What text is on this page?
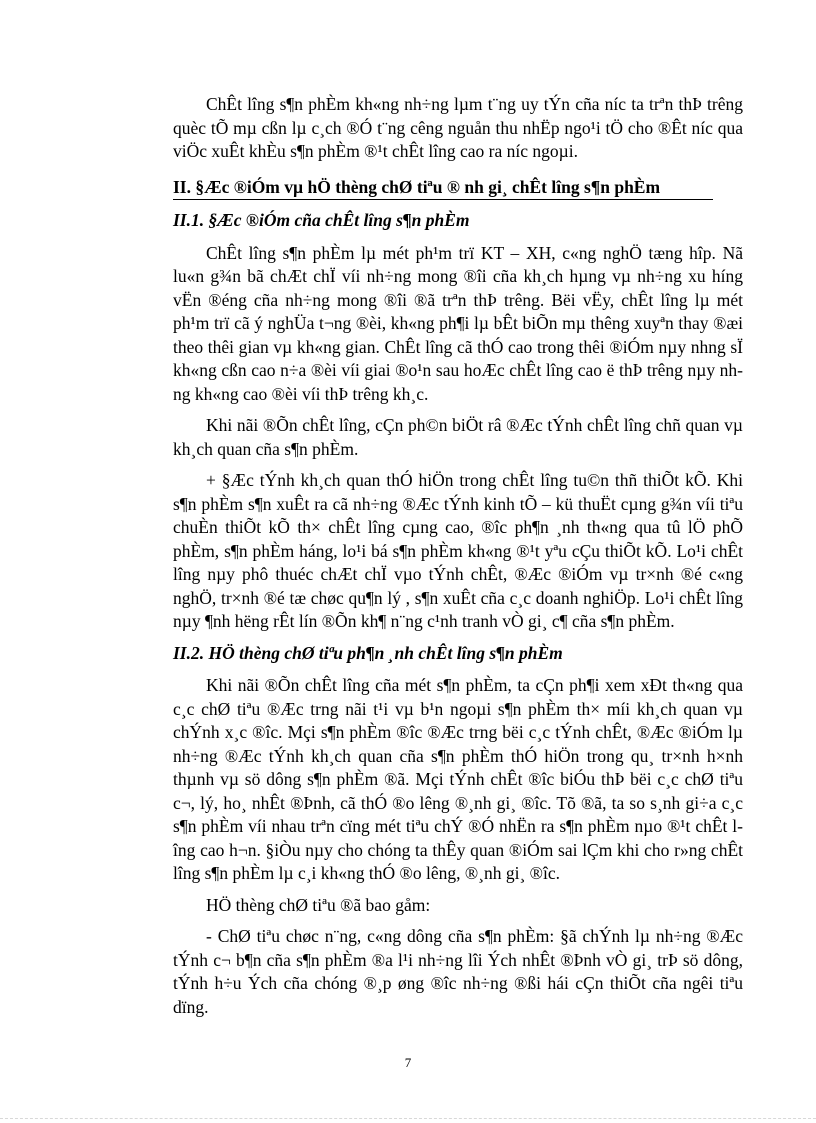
ChÊt lîng s¶n phÈm kh«ng nh÷ng lµm t¨ng uy tÝn cña níc ta trªn thÞ trêng quèc tÕ mµ cßn lµ c¸ch ®Ó t¨ng cêng nguån thu nhËp ngo¹i tÖ cho ®Êt níc qua viÖc xuÊt khÈu s¶n phÈm ®¹t chÊt lîng cao ra níc ngoµi.

II. §Æc ®iÓm vµ hÖ thèng chØ tiªu ® nh gi¸ chÊt lîng s¶n phÈm
II.1. §Æc ®iÓm cña chÊt lîng s¶n phÈm

ChÊt lîng s¶n phÈm lµ mét ph¹m trï KT – XH, c«ng nghÖ tæng hîp. Nã lu«n g¾n bã chÆt chÏ víi nh÷ng mong ®îi cña kh¸ch hµng vµ nh÷ng xu híng vËn ®éng cña nh÷ng mong ®îi ®ã trªn thÞ trêng. Bëi vËy, chÊt lîng lµ mét ph¹m trï cã ý nghÜa t¬ng ®èi, kh«ng ph¶i lµ bÊt biÕn mµ thêng xuyªn thay ®æi theo thêi gian vµ kh«ng gian. ChÊt lîng cã thÓ cao trong thêi ®iÓm nµy nhng sÏ kh«ng cßn cao n÷a ®èi víi giai ®o¹n sau hoÆc chÊt lîng cao ë thÞ trêng nµy nhng kh«ng cao ®èi víi thÞ trêng kh¸c.

Khi nãi ®Õn chÊt lîng, cÇn ph©n biÖt râ ®Æc tÝnh chÊt lîng chñ quan vµ kh¸ch quan cña s¶n phÈm.

+ §Æc tÝnh kh¸ch quan thÓ hiÖn trong chÊt lîng tu©n thñ thiÕt kÕ. Khi s¶n phÈm s¶n xuÊt ra cã nh÷ng ®Æc tÝnh kinh tÕ – kü thuËt cµng g¾n víi tiªu chuÈn thiÕt kÕ th× chÊt lîng cµng cao, ®îc ph¶n ¸nh th«ng qua tû lÖ phÕ phÈm, s¶n phÈm háng, lo¹i bá s¶n phÈm kh«ng ®¹t yªu cÇu thiÕt kÕ. Lo¹i chÊt lîng nµy phô thuéc chÆt chÏ vµo tÝnh chÊt, ®Æc ®iÓm vµ tr×nh ®é c«ng nghÖ, tr×nh ®é tæ chøc qu¶n lý , s¶n xuÊt cña c¸c doanh nghiÖp. Lo¹i chÊt lîng nµy ¶nh hëng rÊt lín ®Õn kh¶ n¨ng c¹nh tranh vÒ gi¸ c¶ cña s¶n phÈm.

II.2. HÖ thèng chØ tiªu ph¶n ¸nh chÊt lîng s¶n phÈm

Khi nãi ®Õn chÊt lîng cña mét s¶n phÈm, ta cÇn ph¶i xem xÐt th«ng qua c¸c chØ tiªu ®Æc trng nãi t¹i vµ b¹n ngoµi s¶n phÈm th× míi kh¸ch quan vµ chÝnh x¸c ®îc. Mçi s¶n phÈm ®îc ®Æc trng bëi c¸c tÝnh chÊt, ®Æc ®iÓm lµ nh÷ng ®Æc tÝnh kh¸ch quan cña s¶n phÈm thÓ hiÖn trong qu¸ tr×nh h×nh thµnh vµ sö dông s¶n phÈm ®ã. Mçi tÝnh chÊt ®îc biÓu thÞ bëi c¸c chØ tiªu c¬, lý, ho¸ nhÊt ®Þnh, cã thÓ ®o lêng ®¸nh gi¸ ®îc. Tõ ®ã, ta so s¸nh gi÷a c¸c s¶n phÈm víi nhau trªn cïng mét tiªu chÝ ®Ó nhËn ra s¶n phÈm nµo ®¹t chÊt lîng cao h¬n. §iÒu nµy cho chóng ta thÊy quan ®iÓm sai lÇm khi cho r»ng chÊt lîng s¶n phÈm lµ c¸i kh«ng thÓ ®o lêng, ®¸nh gi¸ ®îc.

HÖ thèng chØ tiªu ®ã bao gåm:

- ChØ tiªu chøc n¨ng, c«ng dông cña s¶n phÈm: §ã chÝnh lµ nh÷ng ®Æc tÝnh c¬ b¶n cña s¶n phÈm ®a l¹i nh÷ng lîi Ých nhÊt ®Þnh vÒ gi¸ trÞ sö dông, tÝnh h÷u Ých cña chóng ®¸p øng ®îc nh÷ng ®ßi hái cÇn thiÕt cña ngêi tiªu dïng.

7
